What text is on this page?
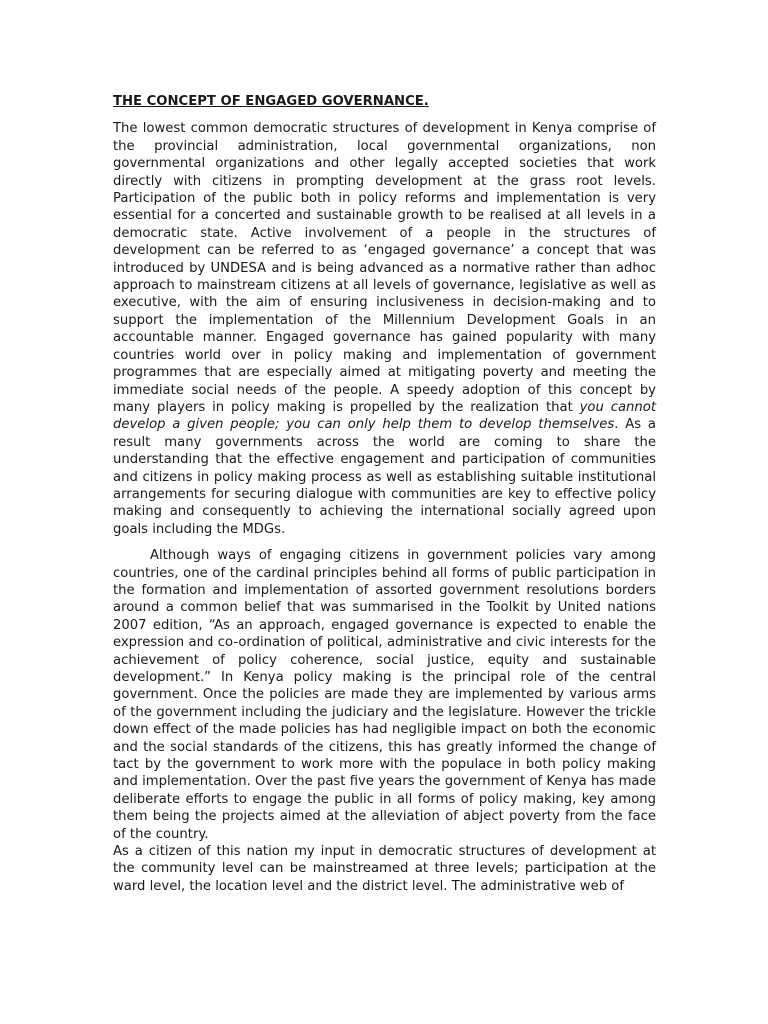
THE CONCEPT OF ENGAGED GOVERNANCE.

The lowest common democratic structures of development in Kenya comprise of the provincial administration, local governmental organizations, non governmental organizations and other legally accepted societies that work directly with citizens in prompting development at the grass root levels. Participation of the public both in policy reforms and implementation is very essential for a concerted and sustainable growth to be realised at all levels in a democratic state. Active involvement of a people in the structures of development can be referred to as ‘engaged governance’ a concept that was introduced by UNDESA and is being advanced as a normative rather than adhoc approach to mainstream citizens at all levels of governance, legislative as well as executive, with the aim of ensuring inclusiveness in decision-making and to support the implementation of the Millennium Development Goals in an accountable manner. Engaged governance has gained popularity with many countries world over in policy making and implementation of government programmes that are especially aimed at mitigating poverty and meeting the immediate social needs of the people. A speedy adoption of this concept by many players in policy making is propelled by the realization that you cannot develop a given people; you can only help them to develop themselves. As a result many governments across the world are coming to share the understanding that the effective engagement and participation of communities and citizens in policy making process as well as establishing suitable institutional arrangements for securing dialogue with communities are key to effective policy making and consequently to achieving the international socially agreed upon goals including the MDGs.

Although ways of engaging citizens in government policies vary among countries, one of the cardinal principles behind all forms of public participation in the formation and implementation of assorted government resolutions borders around a common belief that was summarised in the Toolkit by United nations 2007 edition, “As an approach, engaged governance is expected to enable the expression and co-ordination of political, administrative and civic interests for the achievement of policy coherence, social justice, equity and sustainable development.” In Kenya policy making is the principal role of the central government. Once the policies are made they are implemented by various arms of the government including the judiciary and the legislature. However the trickle down effect of the made policies has had negligible impact on both the economic and the social standards of the citizens, this has greatly informed the change of tact by the government to work more with the populace in both policy making and implementation. Over the past five years the government of Kenya has made deliberate efforts to engage the public in all forms of policy making, key among them being the projects aimed at the alleviation of abject poverty from the face of the country.

As a citizen of this nation my input in democratic structures of development at the community level can be mainstreamed at three levels; participation at the ward level, the location level and the district level. The administrative web of
